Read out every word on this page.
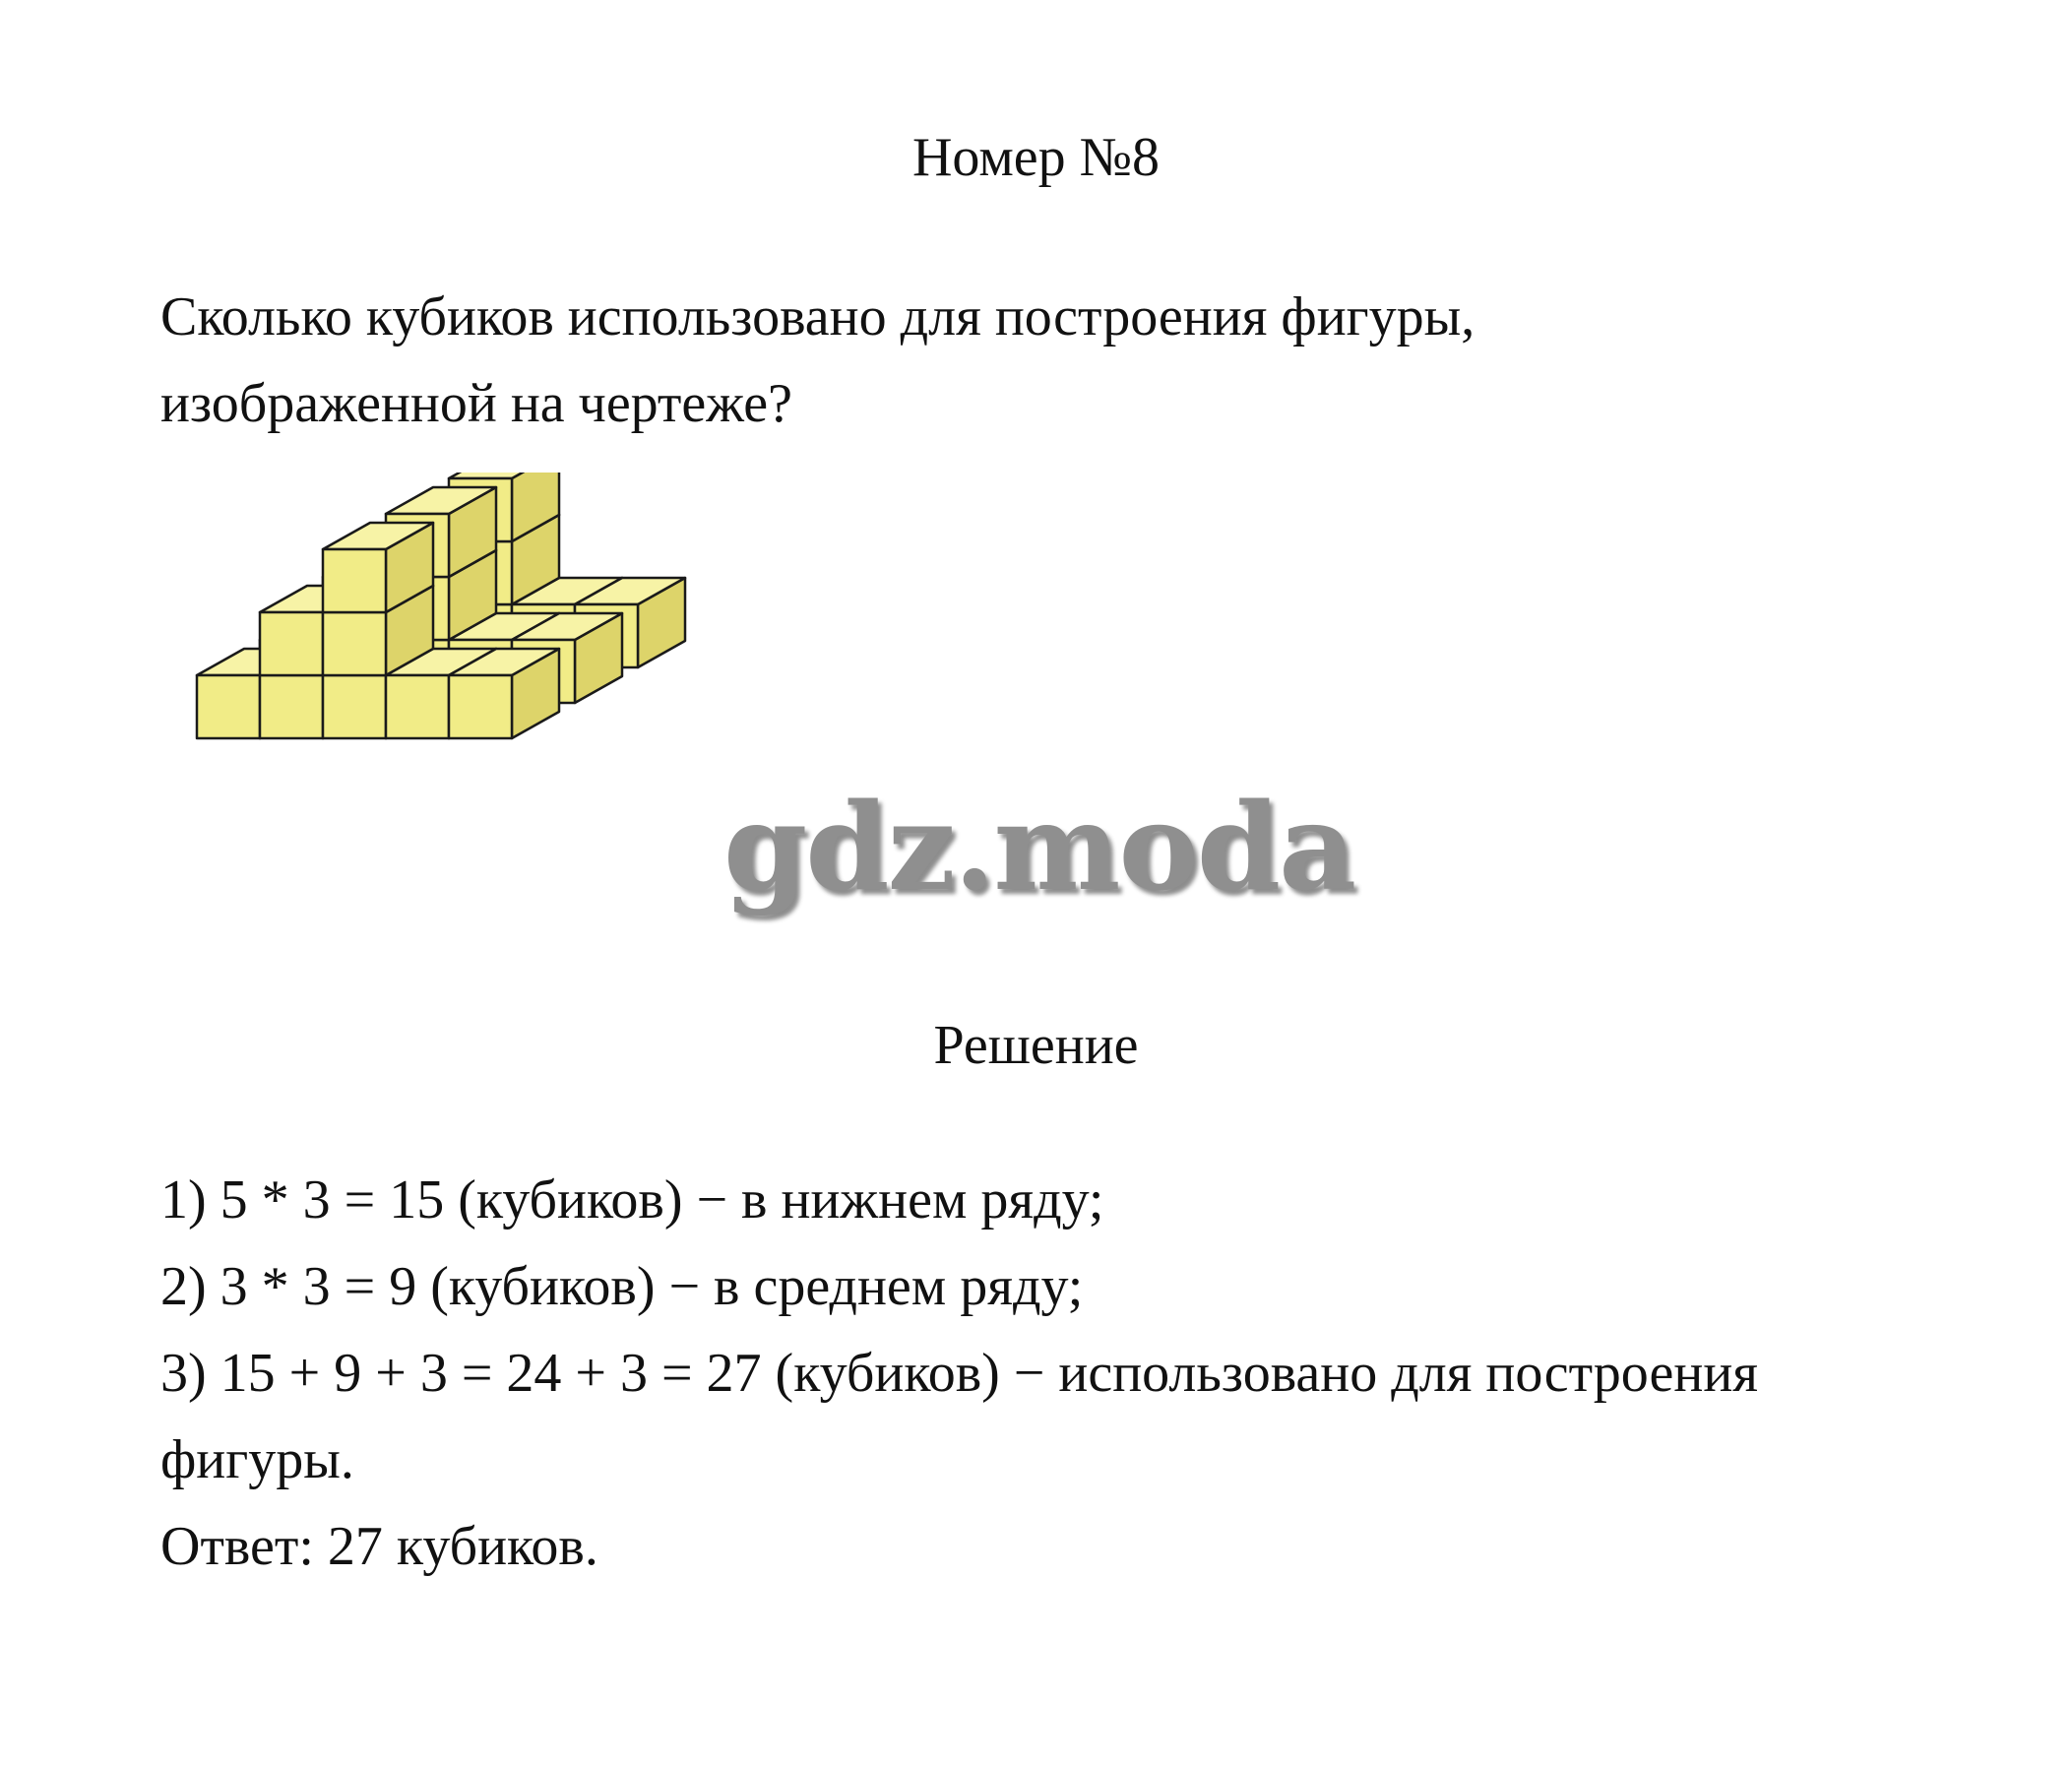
Номер №8
Сколько кубиков использовано для построения фигуры,
изображенной на чертеже?
gdz.moda
Решение
1) 5 * 3 = 15 (кубиков) − в нижнем ряду;
2) 3 * 3 = 9 (кубиков) − в среднем ряду;
3) 15 + 9 + 3 = 24 + 3 = 27 (кубиков) − использовано для построения
фигуры.
Ответ: 27 кубиков.
